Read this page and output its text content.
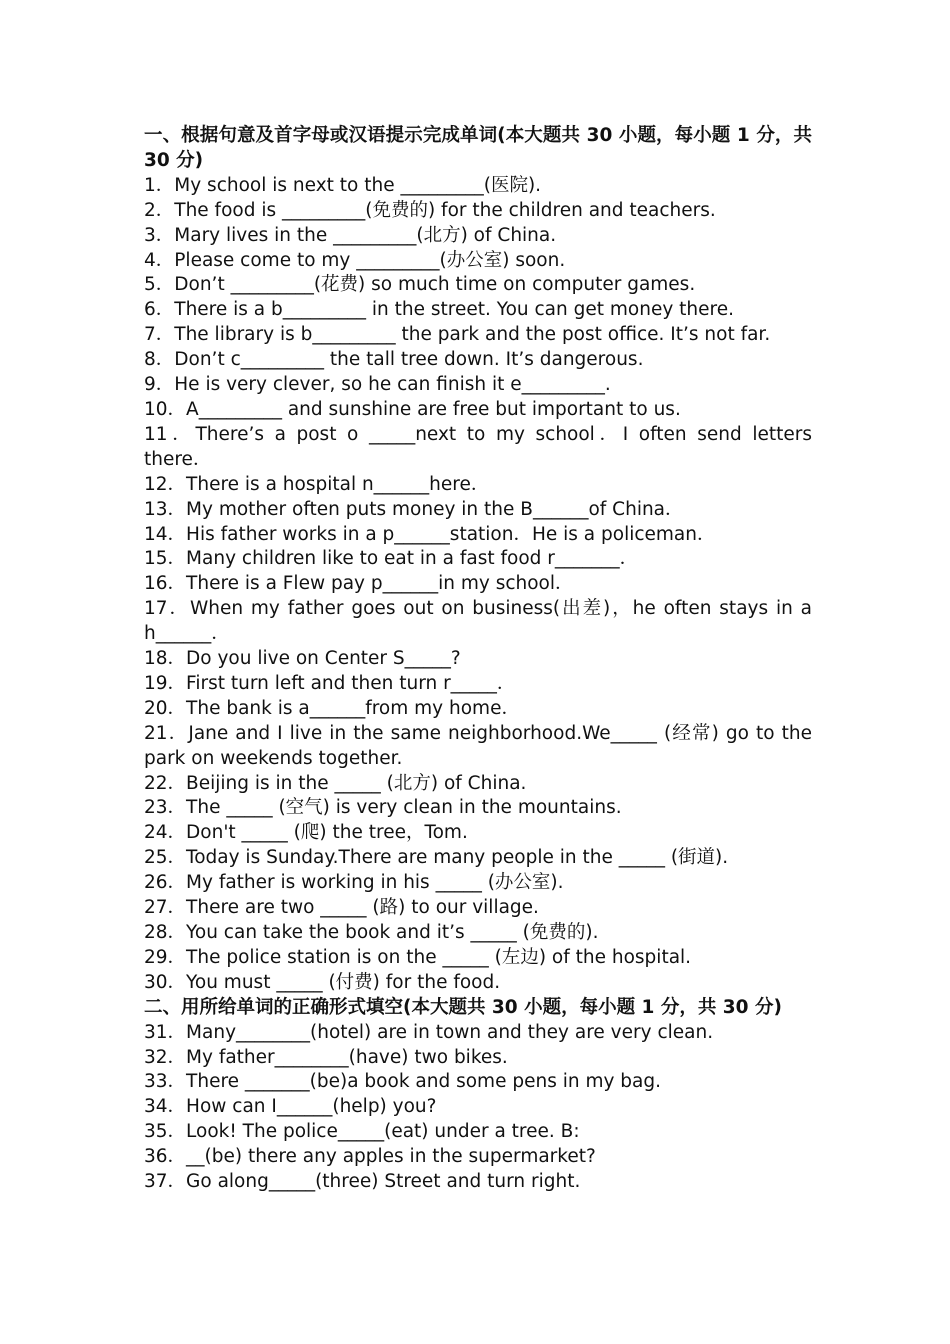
一、根据句意及首字母或汉语提示完成单词(本大题共 30 小题，每小题 1 分，共 30 分)
1．My school is next to the _________(医院).
2．The food is _________(免费的) for the children and teachers.
3．Mary lives in the _________(北方) of China.
4．Please come to my _________(办公室) soon.
5．Don’t _________(花费) so much time on computer games.
6．There is a b_________ in the street. You can get money there.
7．The library is b_________ the park and the post office. It’s not far.
8．Don’t c_________ the tall tree down. It’s dangerous.
9．He is very clever, so he can finish it e_________.
10．A_________ and sunshine are free but important to us.
11．There’s a post o _____next to my school．I often send letters there．
12．There is a hospital n______here．
13．My mother often puts money in the B______of China．
14．His father works in a p______station．He is a policeman．
15．Many children like to eat in a fast food r_______．
16．There is a Flew pay p______in my school．
17．When my father goes out on business(出差)，he often stays in a h______．
18．Do you live on Center S_____?
19．First turn left and then turn r_____．
20．The bank is a______from my home．
21．Jane and I live in the same neighborhood.We_____ (经常) go to the park on weekends together.
22．Beijing is in the _____ (北方) of China.
23．The _____ (空气) is very clean in the mountains.
24．Don't _____ (爬) the tree，Tom.
25．Today is Sunday.There are many people in the _____ (街道).
26．My father is working in his _____ (办公室).
27．There are two _____ (路) to our village.
28．You can take the book and it’s _____ (免费的).
29．The police station is on the _____ (左边) of the hospital.
30．You must _____ (付费) for the food.
二、用所给单词的正确形式填空(本大题共 30 小题，每小题 1 分，共 30 分)
31．Many________(hotel) are in town and they are very clean.
32．My father________(have) two bikes.
33．There _______(be)a book and some pens in my bag.
34．How can I______(help) you?
35．Look! The police_____(eat) under a tree. B:
36．__(be) there any apples in the supermarket?
37．Go along_____(three) Street and turn right.
